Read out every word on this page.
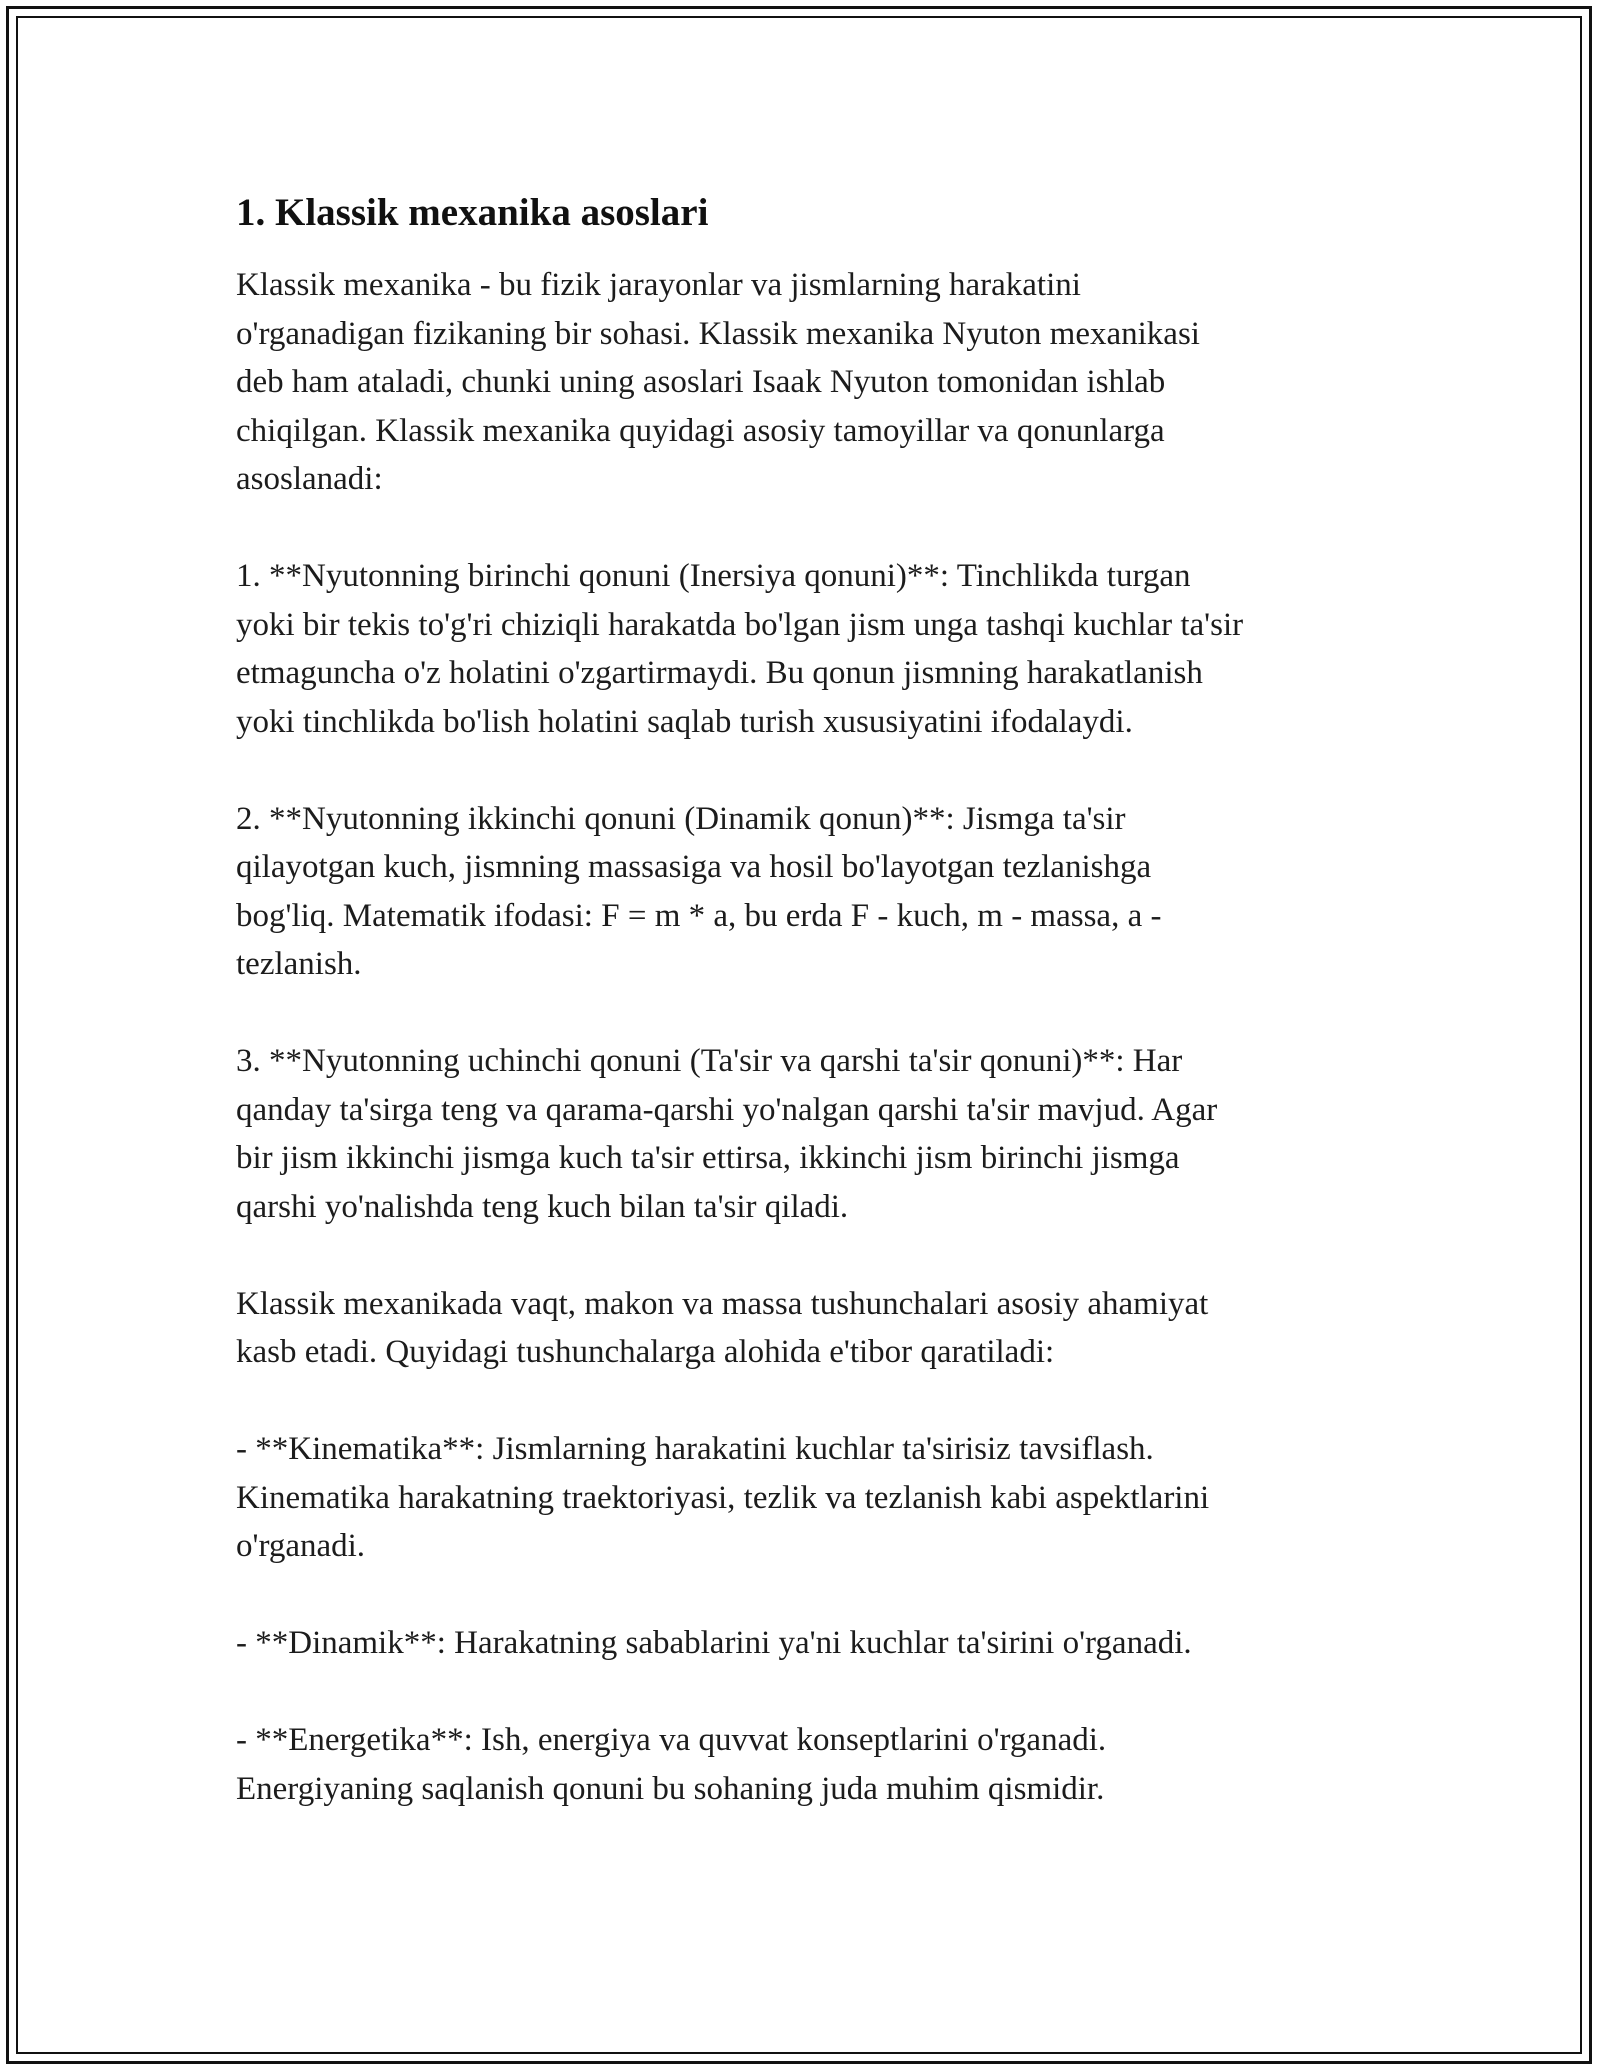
1. Klassik mexanika asoslari

Klassik mexanika - bu fizik jarayonlar va jismlarning harakatini
o'rganadigan fizikaning bir sohasi. Klassik mexanika Nyuton mexanikasi
deb ham ataladi, chunki uning asoslari Isaak Nyuton tomonidan ishlab
chiqilgan. Klassik mexanika quyidagi asosiy tamoyillar va qonunlarga
asoslanadi:

1. **Nyutonning birinchi qonuni (Inersiya qonuni)**: Tinchlikda turgan
yoki bir tekis to'g'ri chiziqli harakatda bo'lgan jism unga tashqi kuchlar ta'sir
etmaguncha o'z holatini o'zgartirmaydi. Bu qonun jismning harakatlanish
yoki tinchlikda bo'lish holatini saqlab turish xususiyatini ifodalaydi.

2. **Nyutonning ikkinchi qonuni (Dinamik qonun)**: Jismga ta'sir
qilayotgan kuch, jismning massasiga va hosil bo'layotgan tezlanishga
bog'liq. Matematik ifodasi: F = m * a, bu erda F - kuch, m - massa, a -
tezlanish.

3. **Nyutonning uchinchi qonuni (Ta'sir va qarshi ta'sir qonuni)**: Har
qanday ta'sirga teng va qarama-qarshi yo'nalgan qarshi ta'sir mavjud. Agar
bir jism ikkinchi jismga kuch ta'sir ettirsa, ikkinchi jism birinchi jismga
qarshi yo'nalishda teng kuch bilan ta'sir qiladi.

Klassik mexanikada vaqt, makon va massa tushunchalari asosiy ahamiyat
kasb etadi. Quyidagi tushunchalarga alohida e'tibor qaratiladi:

- **Kinematika**: Jismlarning harakatini kuchlar ta'sirisiz tavsiflash.
Kinematika harakatning traektoriyasi, tezlik va tezlanish kabi aspektlarini
o'rganadi.

- **Dinamik**: Harakatning sabablarini ya'ni kuchlar ta'sirini o'rganadi.

- **Energetika**: Ish, energiya va quvvat konseptlarini o'rganadi.
Energiyaning saqlanish qonuni bu sohaning juda muhim qismidir.
